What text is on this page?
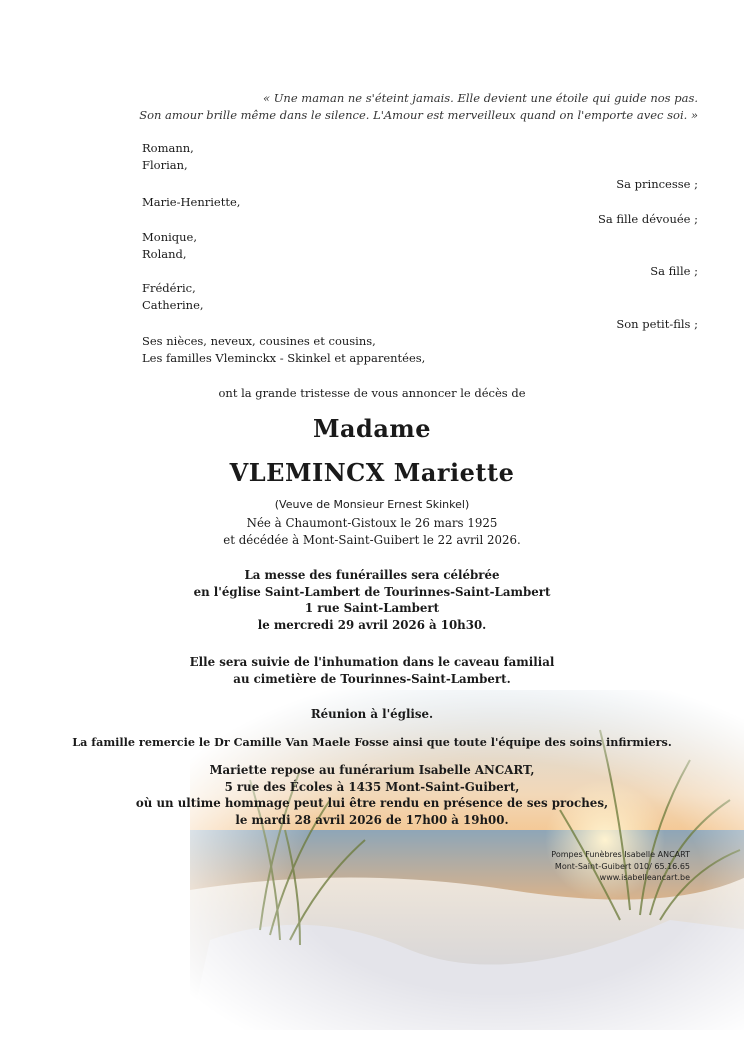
« Une maman ne s'éteint jamais. Elle devient une étoile qui guide nos pas.
Son amour brille même dans le silence. L'Amour est merveilleux quand on l'emporte avec soi. »
Romann,
Florian,
Sa princesse ;
Marie-Henriette,
Sa fille dévouée ;
Monique,
Roland,
Sa fille ;
Frédéric,
Catherine,
Son petit-fils ;
Ses nièces, neveux, cousines et cousins,
Les familles Vleminckx - Skinkel et apparentées,
ont la grande tristesse de vous annoncer le décès de
Madame
VLEMINCX Mariette
(Veuve de Monsieur Ernest Skinkel)
Née à Chaumont-Gistoux le 26 mars 1925
et décédée à Mont-Saint-Guibert le 22 avril 2026.
La messe des funérailles sera célébrée
en l'église Saint-Lambert de Tourinnes-Saint-Lambert
1 rue Saint-Lambert
le mercredi 29 avril 2026 à 10h30.
Elle sera suivie de l'inhumation dans le caveau familial
au cimetière de Tourinnes-Saint-Lambert.
Réunion à l'église.
La famille remercie le Dr Camille Van Maele Fosse ainsi que toute l'équipe des soins infirmiers.
Mariette repose au funérarium Isabelle ANCART,
5 rue des Écoles à 1435 Mont-Saint-Guibert,
où un ultime hommage peut lui être rendu en présence de ses proches,
le mardi 28 avril 2026 de 17h00 à 19h00.
Pompes Funèbres Isabelle ANCART
Mont-Saint-Guibert 010/ 65.16.65
www.isabelleancart.be
